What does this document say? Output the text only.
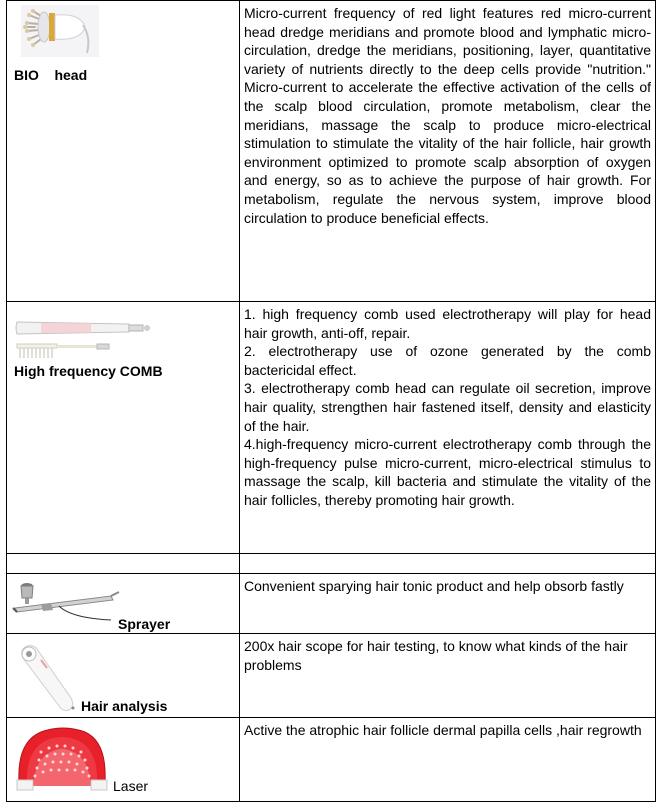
BIO    head	Micro-current frequency of red light features red micro-current head dredge meridians and promote blood and lymphatic micro-circulation, dredge the meridians, positioning, layer, quantitative variety of nutrients directly to the deep cells provide "nutrition." Micro-current to accelerate the effective activation of the cells of the scalp blood circulation, promote metabolism, clear the meridians, massage the scalp to produce micro-electrical stimulation to stimulate the vitality of the hair follicle, hair growth environment optimized to promote scalp absorption of oxygen and energy, so as to achieve the purpose of hair growth. For metabolism, regulate the nervous system, improve blood circulation to produce beneficial effects.

High frequency COMB	1. high frequency comb used electrotherapy will play for head hair growth, anti-off, repair.

2. electrotherapy use of ozone generated by the comb bactericidal effect.

3. electrotherapy comb head can regulate oil secretion, improve hair quality, strengthen hair fastened itself, density and elasticity of the hair.

4.high-frequency micro-current electrotherapy comb through the high-frequency pulse micro-current, micro-electrical stimulus to massage the scalp, kill bacteria and stimulate the vitality of the hair follicles, thereby promoting hair growth.

Sprayer	Convenient sparying hair tonic product and help obsorb fastly

Hair analysis	200x hair scope for hair testing, to know what kinds of the hair problems

Laser	Active the atrophic hair follicle dermal papilla cells ,hair regrowth
